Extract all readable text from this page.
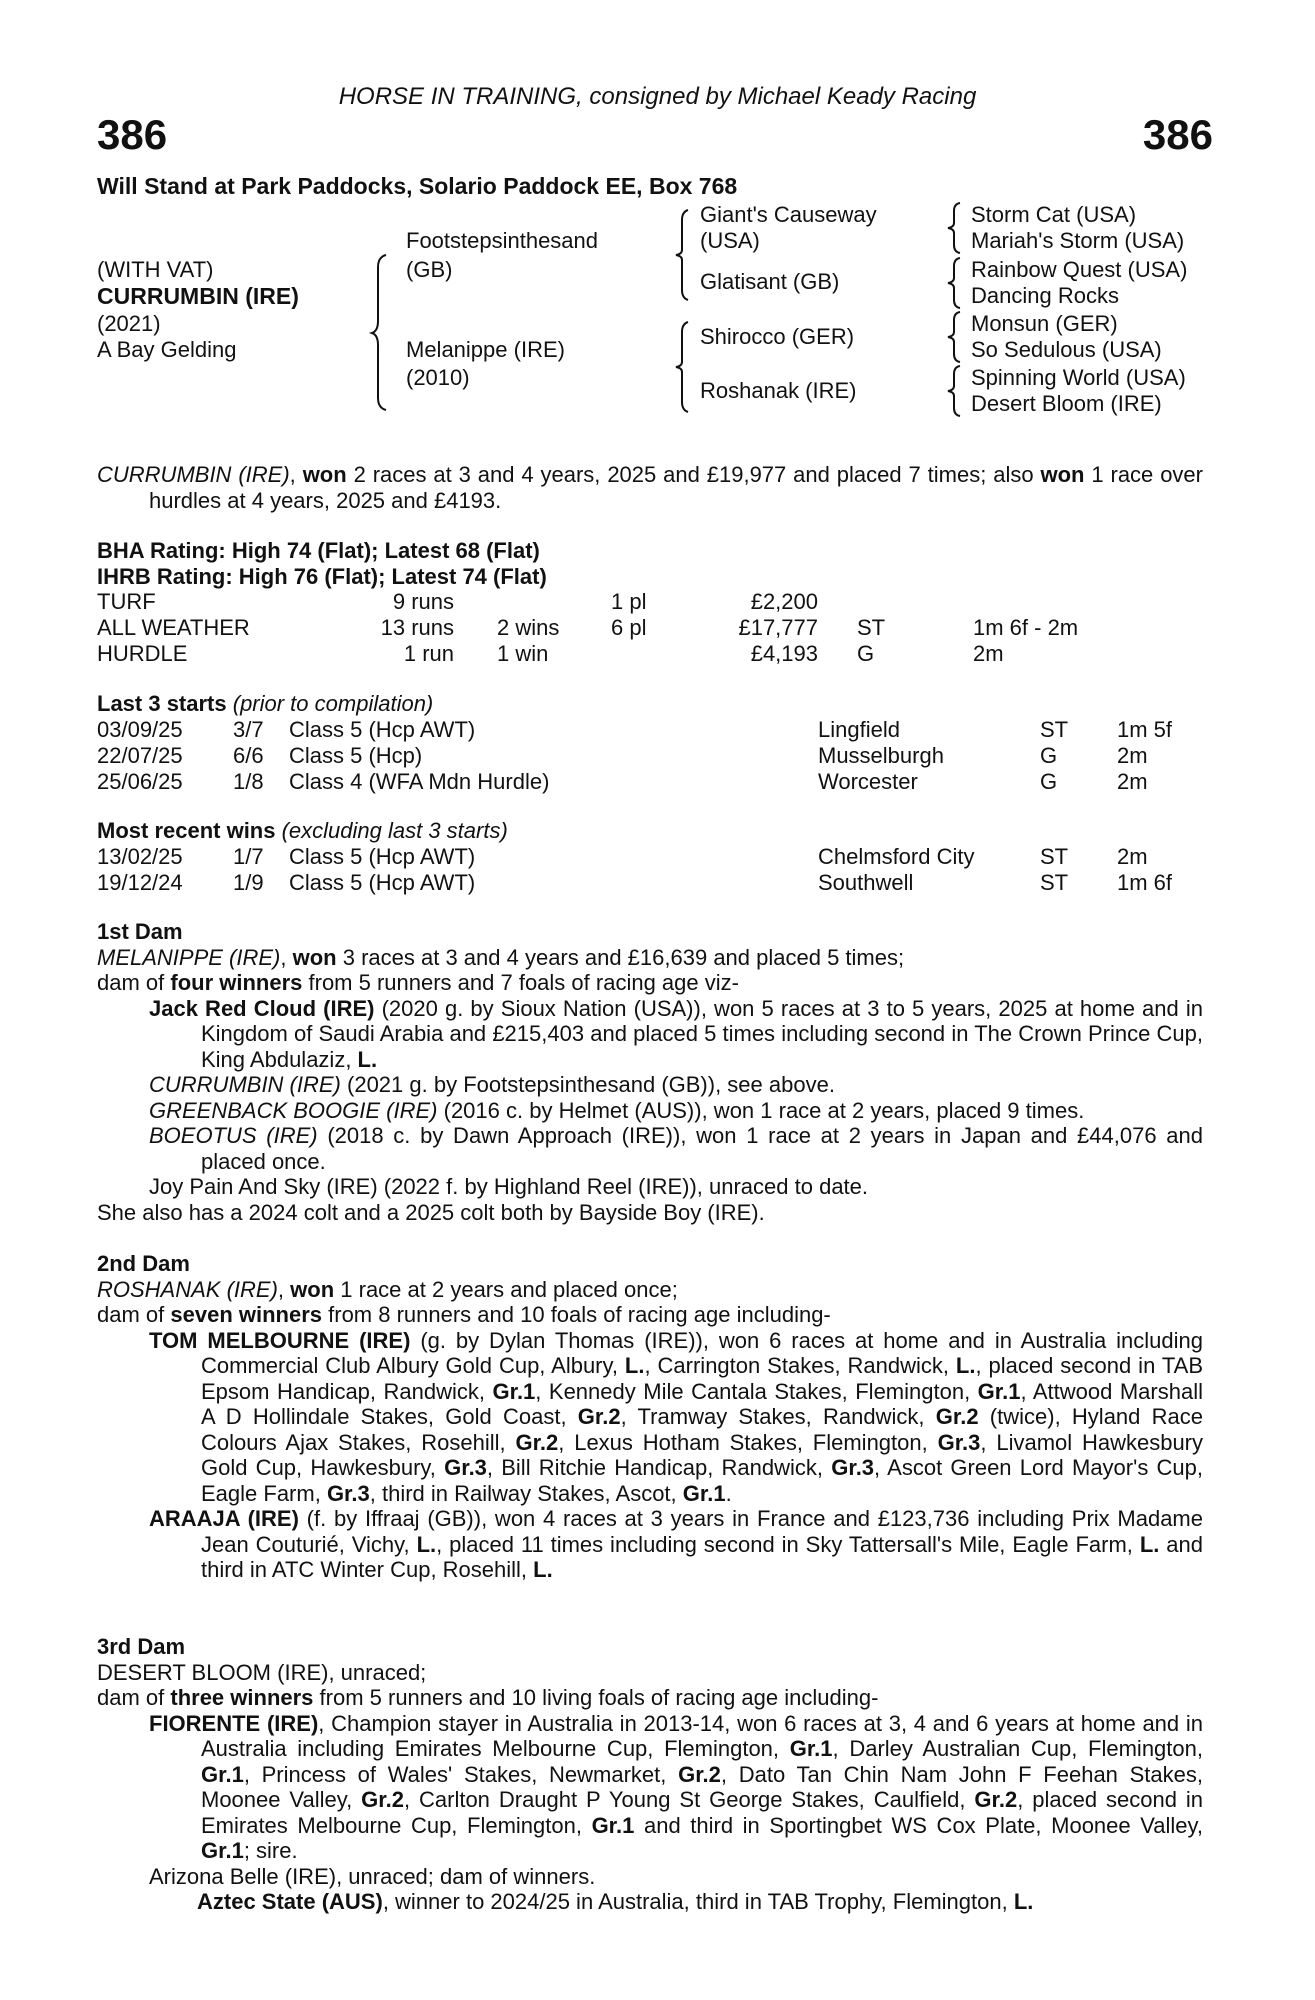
HORSE IN TRAINING, consigned by Michael Keady Racing
386	386
Will Stand at Park Paddocks, Solario Paddock EE, Box 768
(WITH VAT)
CURRUMBIN (IRE)
(2021)
A Bay Gelding
Footstepsinthesand
(GB)
Melanippe (IRE)
(2010)
Giant's Causeway
(USA)
Glatisant (GB)
Shirocco (GER)
Roshanak (IRE)
Storm Cat (USA)
Mariah's Storm (USA)
Rainbow Quest (USA)
Dancing Rocks
Monsun (GER)
So Sedulous (USA)
Spinning World (USA)
Desert Bloom (IRE)

CURRUMBIN (IRE), won 2 races at 3 and 4 years, 2025 and £19,977 and placed 7 times; also won 1 race over hurdles at 4 years, 2025 and £4193.

BHA Rating: High 74 (Flat); Latest 68 (Flat)
IHRB Rating: High 76 (Flat); Latest 74 (Flat)
TURF	9 runs	1 pl	£2,200
ALL WEATHER	13 runs 2 wins 6 pl	£17,777 ST	1m 6f - 2m
HURDLE	1 run 1 win	£4,193 G	2m
Last 3 starts (prior to compilation)
03/09/25 3/7 Class 5 (Hcp AWT)	Lingfield	ST 1m 5f
22/07/25 6/6 Class 5 (Hcp)	Musselburgh	G	2m
25/06/25 1/8 Class 4 (WFA Mdn Hurdle)	Worcester	G	2m
Most recent wins (excluding last 3 starts)
13/02/25 1/7 Class 5 (Hcp AWT)	Chelmsford City	ST 2m
19/12/24 1/9 Class 5 (Hcp AWT)	Southwell	ST 1m 6f

1st Dam

MELANIPPE (IRE), won 3 races at 3 and 4 years and £16,639 and placed 5 times;

dam of four winners from 5 runners and 7 foals of racing age viz-

Jack Red Cloud (IRE) (2020 g. by Sioux Nation (USA)), won 5 races at 3 to 5 years, 2025 at home and in Kingdom of Saudi Arabia and £215,403 and placed 5 times including second in The Crown Prince Cup, King Abdulaziz, L.

CURRUMBIN (IRE) (2021 g. by Footstepsinthesand (GB)), see above.

GREENBACK BOOGIE (IRE) (2016 c. by Helmet (AUS)), won 1 race at 2 years, placed 9 times.

BOEOTUS (IRE) (2018 c. by Dawn Approach (IRE)), won 1 race at 2 years in Japan and £44,076 and placed once.

Joy Pain And Sky (IRE) (2022 f. by Highland Reel (IRE)), unraced to date.

She also has a 2024 colt and a 2025 colt both by Bayside Boy (IRE).

2nd Dam

ROSHANAK (IRE), won 1 race at 2 years and placed once;

dam of seven winners from 8 runners and 10 foals of racing age including-

TOM MELBOURNE (IRE) (g. by Dylan Thomas (IRE)), won 6 races at home and in Australia including Commercial Club Albury Gold Cup, Albury, L., Carrington Stakes, Randwick, L., placed second in TAB Epsom Handicap, Randwick, Gr.1, Kennedy Mile Cantala Stakes, Flemington, Gr.1, Attwood Marshall A D Hollindale Stakes, Gold Coast, Gr.2, Tramway Stakes, Randwick, Gr.2 (twice), Hyland Race Colours Ajax Stakes, Rosehill, Gr.2, Lexus Hotham Stakes, Flemington, Gr.3, Livamol Hawkesbury Gold Cup, Hawkesbury, Gr.3, Bill Ritchie Handicap, Randwick, Gr.3, Ascot Green Lord Mayor's Cup, Eagle Farm, Gr.3, third in Railway Stakes, Ascot, Gr.1.

ARAAJA (IRE) (f. by Iffraaj (GB)), won 4 races at 3 years in France and £123,736 including Prix Madame Jean Couturié, Vichy, L., placed 11 times including second in Sky Tattersall's Mile, Eagle Farm, L. and third in ATC Winter Cup, Rosehill, L.

3rd Dam

DESERT BLOOM (IRE), unraced;

dam of three winners from 5 runners and 10 living foals of racing age including-

FIORENTE (IRE), Champion stayer in Australia in 2013-14, won 6 races at 3, 4 and 6 years at home and in Australia including Emirates Melbourne Cup, Flemington, Gr.1, Darley Australian Cup, Flemington, Gr.1, Princess of Wales' Stakes, Newmarket, Gr.2, Dato Tan Chin Nam John F Feehan Stakes, Moonee Valley, Gr.2, Carlton Draught P Young St George Stakes, Caulfield, Gr.2, placed second in Emirates Melbourne Cup, Flemington, Gr.1 and third in Sportingbet WS Cox Plate, Moonee Valley, Gr.1; sire.

Arizona Belle (IRE), unraced; dam of winners.

Aztec State (AUS), winner to 2024/25 in Australia, third in TAB Trophy, Flemington, L.
